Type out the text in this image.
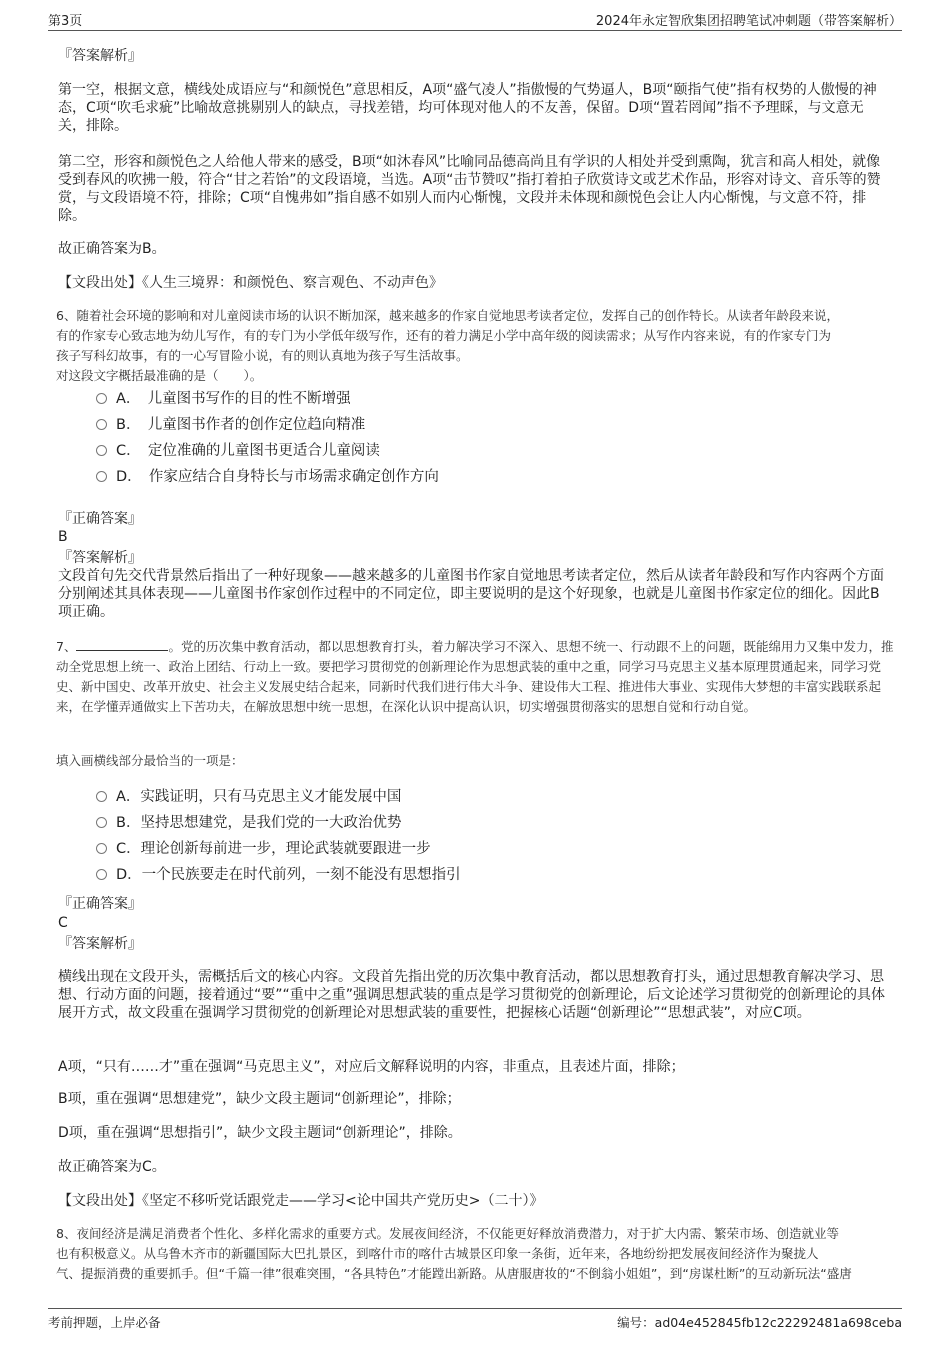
第3页	2024年永定智欣集团招聘笔试冲刺题（带答案解析）
『答案解析』
第一空，根据文意，横线处成语应与“和颜悦色”意思相反，A项“盛气凌人”指傲慢的气势逼人，B项“颐指气使”指有权势的人傲慢的神态，C项“吹毛求疵”比喻故意挑剔别人的缺点，寻找差错，均可体现对他人的不友善，保留。D项“置若罔闻”指不予理睬，与文意无关，排除。
第二空，形容和颜悦色之人给他人带来的感受，B项“如沐春风”比喻同品德高尚且有学识的人相处并受到熏陶，犹言和高人相处，就像受到春风的吹拂一般，符合“甘之若饴”的文段语境，当选。A项“击节赞叹”指打着拍子欣赏诗文或艺术作品，形容对诗文、音乐等的赞赏，与文段语境不符，排除；C项“自愧弗如”指自感不如别人而内心惭愧，文段并未体现和颜悦色会让人内心惭愧，与文意不符，排除。
故正确答案为B。
【文段出处】《人生三境界：和颜悦色、察言观色、不动声色》
6、随着社会环境的影响和对儿童阅读市场的认识不断加深，越来越多的作家自觉地思考读者定位，发挥自己的创作特长。从读者年龄段来说，
有的作家专心致志地为幼儿写作，有的专门为小学低年级写作，还有的着力满足小学中高年级的阅读需求；从写作内容来说，有的作家专门为
孩子写科幻故事，有的一心写冒险小说，有的则认真地为孩子写生活故事。
对这段文字概括最准确的是（　　）。
A．　儿童图书写作的目的性不断增强
B．　儿童图书作者的创作定位趋向精准
C．　定位准确的儿童图书更适合儿童阅读
D．　作家应结合自身特长与市场需求确定创作方向
『正确答案』
B
『答案解析』
文段首句先交代背景然后指出了一种好现象——越来越多的儿童图书作家自觉地思考读者定位，然后从读者年龄段和写作内容两个方面分别阐述其具体表现——儿童图书作家创作过程中的不同定位，即主要说明的是这个好现象，也就是儿童图书作家定位的细化。因此B项正确。
7、	。党的历次集中教育活动，都以思想教育打头，着力解决学习不深入、思想不统一、行动跟不上的问题，既能绵用力又集中发力，推动全党思想上统一、政治上团结、行动上一致。要把学习贯彻党的创新理论作为思想武装的重中之重，同学习马克思主义基本原理贯通起来，同学习党史、新中国史、改革开放史、社会主义发展史结合起来，同新时代我们进行伟大斗争、建设伟大工程、推进伟大事业、实现伟大梦想的丰富实践联系起来，在学懂弄通做实上下苦功夫，在解放思想中统一思想，在深化认识中提高认识，切实增强贯彻落实的思想自觉和行动自觉。
填入画横线部分最恰当的一项是：
A．实践证明，只有马克思主义才能发展中国
B．坚持思想建党，是我们党的一大政治优势
C．理论创新每前进一步，理论武装就要跟进一步
D．一个民族要走在时代前列，一刻不能没有思想指引
『正确答案』
C
『答案解析』
横线出现在文段开头，需概括后文的核心内容。文段首先指出党的历次集中教育活动，都以思想教育打头，通过思想教育解决学习、思想、行动方面的问题，接着通过“要”“重中之重”强调思想武装的重点是学习贯彻党的创新理论，后文论述学习贯彻党的创新理论的具体展开方式，故文段重在强调学习贯彻党的创新理论对思想武装的重要性，把握核心话题“创新理论”“思想武装”，对应C项。
A项，“只有……才”重在强调“马克思主义”，对应后文解释说明的内容，非重点，且表述片面，排除；
B项，重在强调“思想建党”，缺少文段主题词“创新理论”，排除；
D项，重在强调“思想指引”，缺少文段主题词“创新理论”，排除。
故正确答案为C。
【文段出处】《坚定不移听党话跟党走——学习<论中国共产党历史>（二十）》
8、夜间经济是满足消费者个性化、多样化需求的重要方式。发展夜间经济，不仅能更好释放消费潜力，对于扩大内需、繁荣市场、创造就业等
也有积极意义。从乌鲁木齐市的新疆国际大巴扎景区，到喀什市的喀什古城景区印象一条街，近年来，各地纷纷把发展夜间经济作为聚拢人
气、提振消费的重要抓手。但“千篇一律”很难突围，“各具特色”才能蹚出新路。从唐服唐妆的“不倒翁小姐姐”，到“房谋杜断”的互动新玩法“盛唐
考前押题，上岸必备	编号：ad04e452845fb12c22292481a698ceba
